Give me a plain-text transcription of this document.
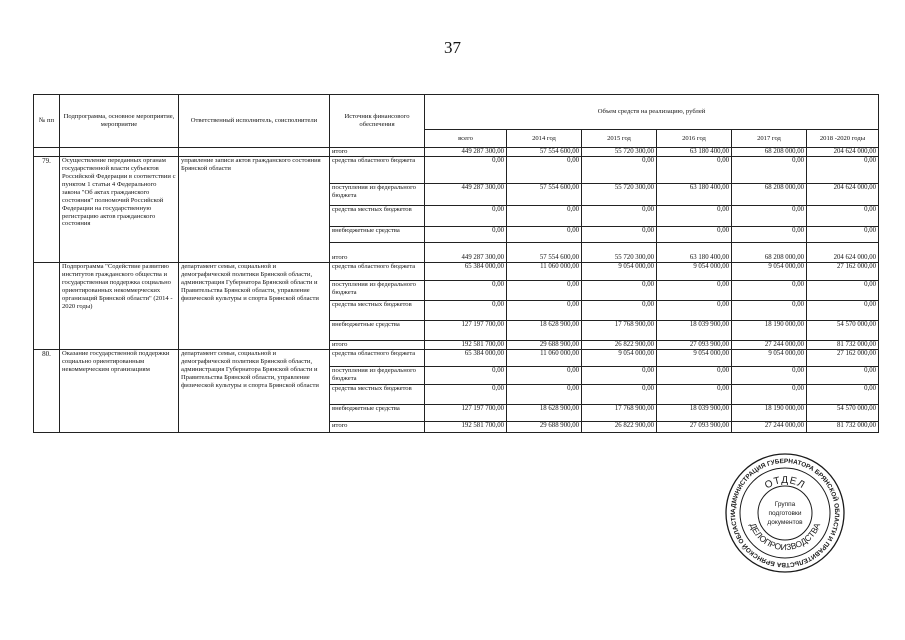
37
№ пп	Подпрограмма, основное мероприятие, мероприятие	Ответственный исполнитель, соисполнители	Источник финансового обеспечения	Объем средств на реализацию, рублей					
				всего	2014 год	2015 год	2016 год	2017 год	2018 -2020 годы
			итого	449 287 300,00	57 554 600,00	55 720 300,00	63 180 400,00	68 208 000,00	204 624 000,00
79.	Осуществление переданных органам государственной власти субъектов Российской Федерации в соответствии с пунктом 1 статьи 4 Федерального закона "Об актах гражданского состояния" полномочий Российской Федерации на государственную регистрацию актов гражданского состояния	управление записи актов гражданского состояния Брянской области	средства областного бюджета	0,00	0,00	0,00	0,00	0,00	0,00
			поступления из федерального бюджета	449 287 300,00	57 554 600,00	55 720 300,00	63 180 400,00	68 208 000,00	204 624 000,00
			средства местных бюджетов	0,00	0,00	0,00	0,00	0,00	0,00
			внебюджетные средства	0,00	0,00	0,00	0,00	0,00	0,00
			итого	449 287 300,00	57 554 600,00	55 720 300,00	63 180 400,00	68 208 000,00	204 624 000,00
	Подпрограмма "Содействие развитию институтов гражданского общества и государственная поддержка социально ориентированных некоммерческих организаций Брянской области" (2014 - 2020 годы)	департамент семьи, социальной и демографической политики Брянской области, администрация Губернатора Брянской области и Правительства Брянской области, управление физической культуры и спорта Брянской области	средства областного бюджета	65 384 000,00	11 060 000,00	9 054 000,00	9 054 000,00	9 054 000,00	27 162 000,00
			поступления из федерального бюджета	0,00	0,00	0,00	0,00	0,00	0,00
			средства местных бюджетов	0,00	0,00	0,00	0,00	0,00	0,00
			внебюджетные средства	127 197 700,00	18 628 900,00	17 768 900,00	18 039 900,00	18 190 000,00	54 570 000,00
			итого	192 581 700,00	29 688 900,00	26 822 900,00	27 093 900,00	27 244 000,00	81 732 000,00
80.	Оказание государственной поддержки социально ориентированным некоммерческим организациям	департамент семьи, социальной и демографической политики Брянской области, администрация Губернатора Брянской области и Правительства Брянской области, управление физической культуры и спорта Брянской области	средства областного бюджета	65 384 000,00	11 060 000,00	9 054 000,00	9 054 000,00	9 054 000,00	27 162 000,00
			поступления из федерального бюджета	0,00	0,00	0,00	0,00	0,00	0,00
			средства местных бюджетов	0,00	0,00	0,00	0,00	0,00	0,00
			внебюджетные средства	127 197 700,00	18 628 900,00	17 768 900,00	18 039 900,00	18 190 000,00	54 570 000,00
			итого	192 581 700,00	29 688 900,00	26 822 900,00	27 093 900,00	27 244 000,00	81 732 000,00
АДМИНИСТРАЦИЯ ГУБЕРНАТОРА БРЯНСКОЙ ОБЛАСТИ И ПРАВИТЕЛЬСТВА БРЯНСКОЙ ОБЛАСТИ
ОТДЕЛ
ДЕЛОПРОИЗВОДСТВА
Группа
подготовки
документов
